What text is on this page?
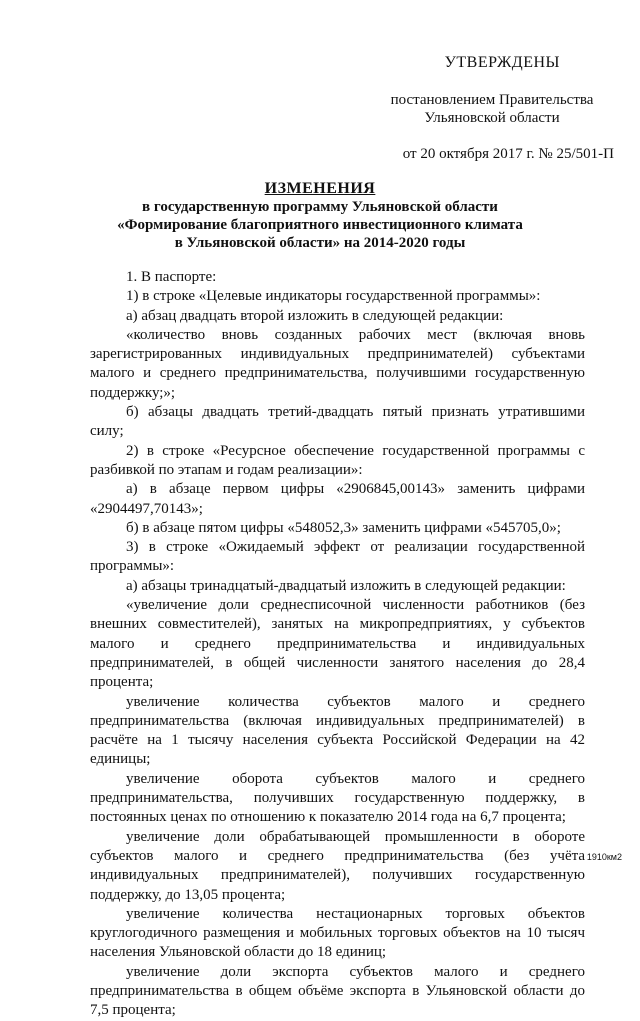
УТВЕРЖДЕНЫ
постановлением Правительства
Ульяновской области
от 20 октября 2017 г. № 25/501-П
ИЗМЕНЕНИЯ
в государственную программу Ульяновской области
«Формирование благоприятного инвестиционного климата
в Ульяновской области» на 2014-2020 годы

1. В паспорте:

1) в строке «Целевые индикаторы государственной программы»:

а) абзац двадцать второй изложить в следующей редакции:

«количество вновь созданных рабочих мест (включая вновь зарегистрированных индивидуальных предпринимателей) субъектами малого и среднего предпринимательства, получившими государственную поддержку;»;

б) абзацы двадцать третий-двадцать пятый признать утратившими силу;

2) в строке «Ресурсное обеспечение государственной программы с разбивкой по этапам и годам реализации»:

а) в абзаце первом цифры «2906845,00143» заменить цифрами «2904497,70143»;

б) в абзаце пятом цифры «548052,3» заменить цифрами «545705,0»;

3) в строке «Ожидаемый эффект от реализации государственной программы»:

а) абзацы тринадцатый-двадцатый изложить в следующей редакции:

«увеличение доли среднесписочной численности работников (без внешних совместителей), занятых на микропредприятиях, у субъектов малого и среднего предпринимательства и индивидуальных предпринимателей, в общей численности занятого населения до 28,4 процента;

увеличение количества субъектов малого и среднего предпринимательства (включая индивидуальных предпринимателей) в расчёте на 1 тысячу населения субъекта Российской Федерации на 42 единицы;

увеличение оборота субъектов малого и среднего предпринимательства, получивших государственную поддержку, в постоянных ценах по отношению к показателю 2014 года на 6,7 процента;

увеличение доли обрабатывающей промышленности в обороте субъектов малого и среднего предпринимательства (без учёта индивидуальных предпринимателей), получивших государственную поддержку, до 13,05 процента;

увеличение количества нестационарных торговых объектов круглогодичного размещения и мобильных торговых объектов на 10 тысяч населения Ульяновской области до 18 единиц;

увеличение доли экспорта субъектов малого и среднего предпринимательства в общем объёме экспорта в Ульяновской области до 7,5 процента;

1910км2
